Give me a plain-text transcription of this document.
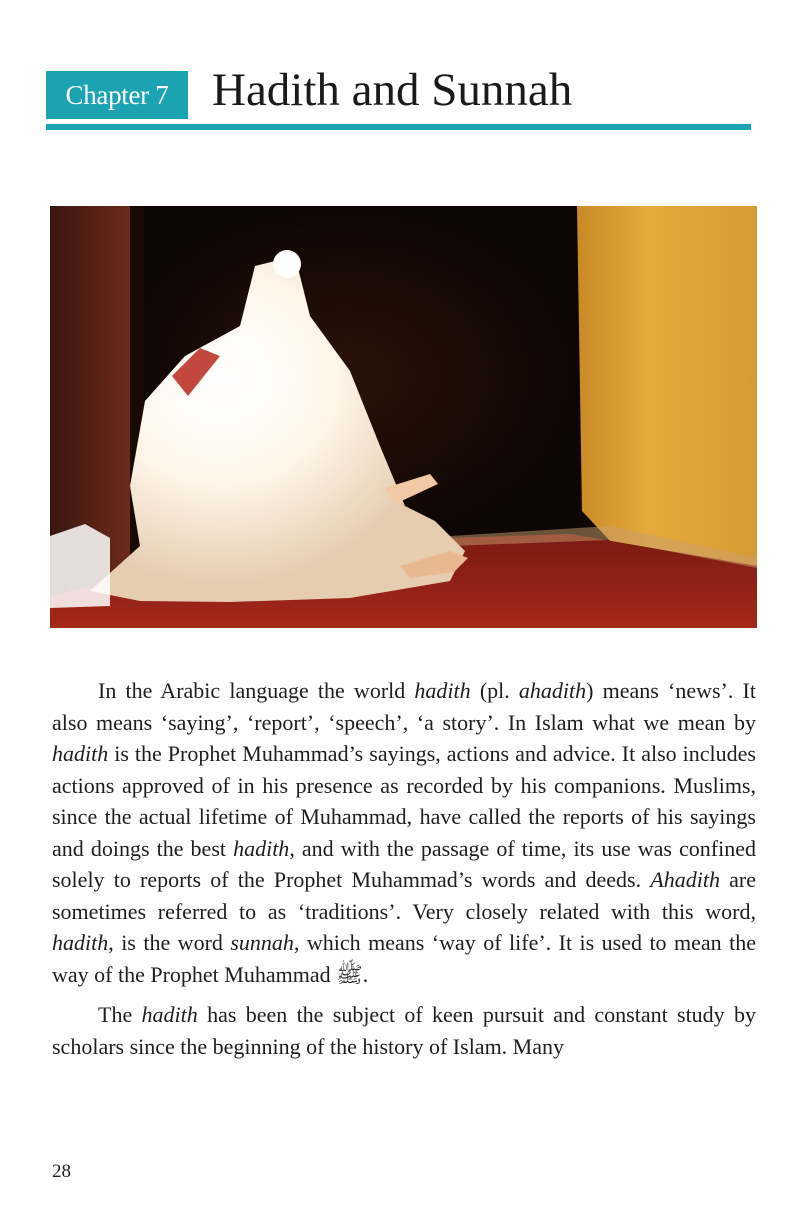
Chapter 7 Hadith and Sunnah

In the Arabic language the world hadith (pl. ahadith) means ‘news’. It also means ‘saying’, ‘report’, ‘speech’, ‘a story’. In Islam what we mean by hadith is the Prophet Muhammad’s sayings, actions and advice. It also includes actions approved of in his presence as recorded by his companions. Muslims, since the actual lifetime of Muhammad, have called the reports of his sayings and doings the best hadith, and with the passage of time, its use was confined solely to reports of the Prophet Muhammad’s words and deeds. Ahadith are sometimes referred to as ‘traditions’. Very closely related with this word, hadith, is the word sunnah, which means ‘way of life’. It is used to mean the way of the Prophet Muhammad ﷺ.

The hadith has been the subject of keen pursuit and constant study by scholars since the beginning of the history of Islam. Many

28
